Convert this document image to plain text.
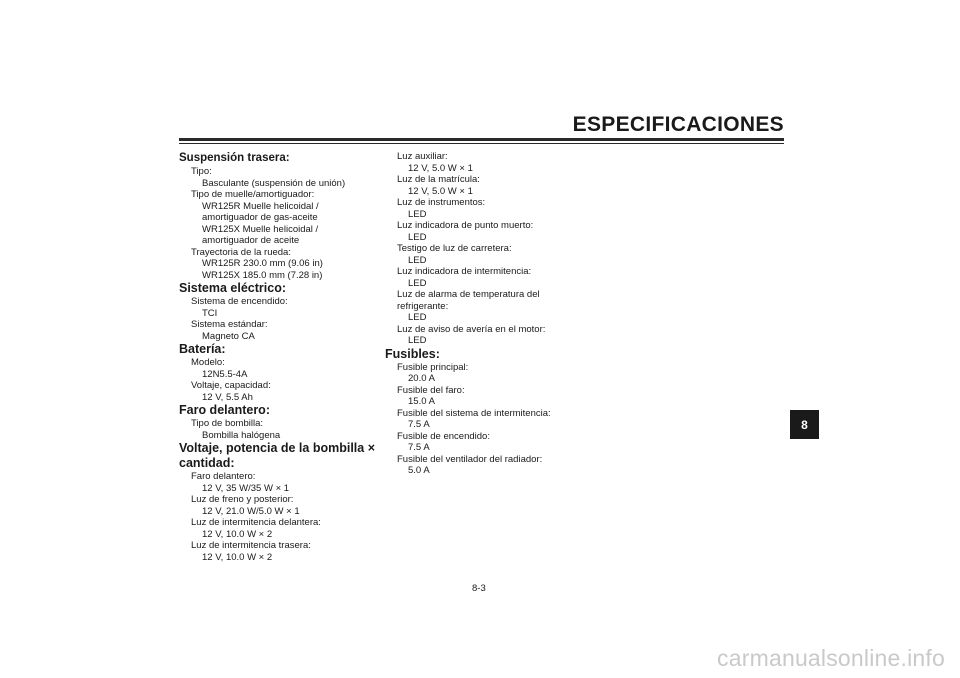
ESPECIFICACIONES
Suspensión trasera:
Tipo:
Basculante (suspensión de unión)
Tipo de muelle/amortiguador:
WR125R Muelle helicoidal / amortiguador de gas-aceite
WR125X Muelle helicoidal / amortiguador de aceite
Trayectoria de la rueda:
WR125R 230.0 mm (9.06 in)
WR125X 185.0 mm (7.28 in)
Sistema eléctrico:
Sistema de encendido:
TCI
Sistema estándar:
Magneto CA
Batería:
Modelo:
12N5.5-4A
Voltaje, capacidad:
12 V, 5.5 Ah
Faro delantero:
Tipo de bombilla:
Bombilla halógena
Voltaje, potencia de la bombilla ×
cantidad:
Faro delantero:
12 V, 35 W/35 W × 1
Luz de freno y posterior:
12 V, 21.0 W/5.0 W × 1
Luz de intermitencia delantera:
12 V, 10.0 W × 2
Luz de intermitencia trasera:
12 V, 10.0 W × 2
Luz auxiliar:
12 V, 5.0 W × 1
Luz de la matrícula:
12 V, 5.0 W × 1
Luz de instrumentos:
LED
Luz indicadora de punto muerto:
LED
Testigo de luz de carretera:
LED
Luz indicadora de intermitencia:
LED
Luz de alarma de temperatura del refrigerante:
LED
Luz de aviso de avería en el motor:
LED
Fusibles:
Fusible principal:
20.0 A
Fusible del faro:
15.0 A
Fusible del sistema de intermitencia:
7.5 A
Fusible de encendido:
7.5 A
Fusible del ventilador del radiador:
5.0 A
8
8-3
carmanualsonline.info
